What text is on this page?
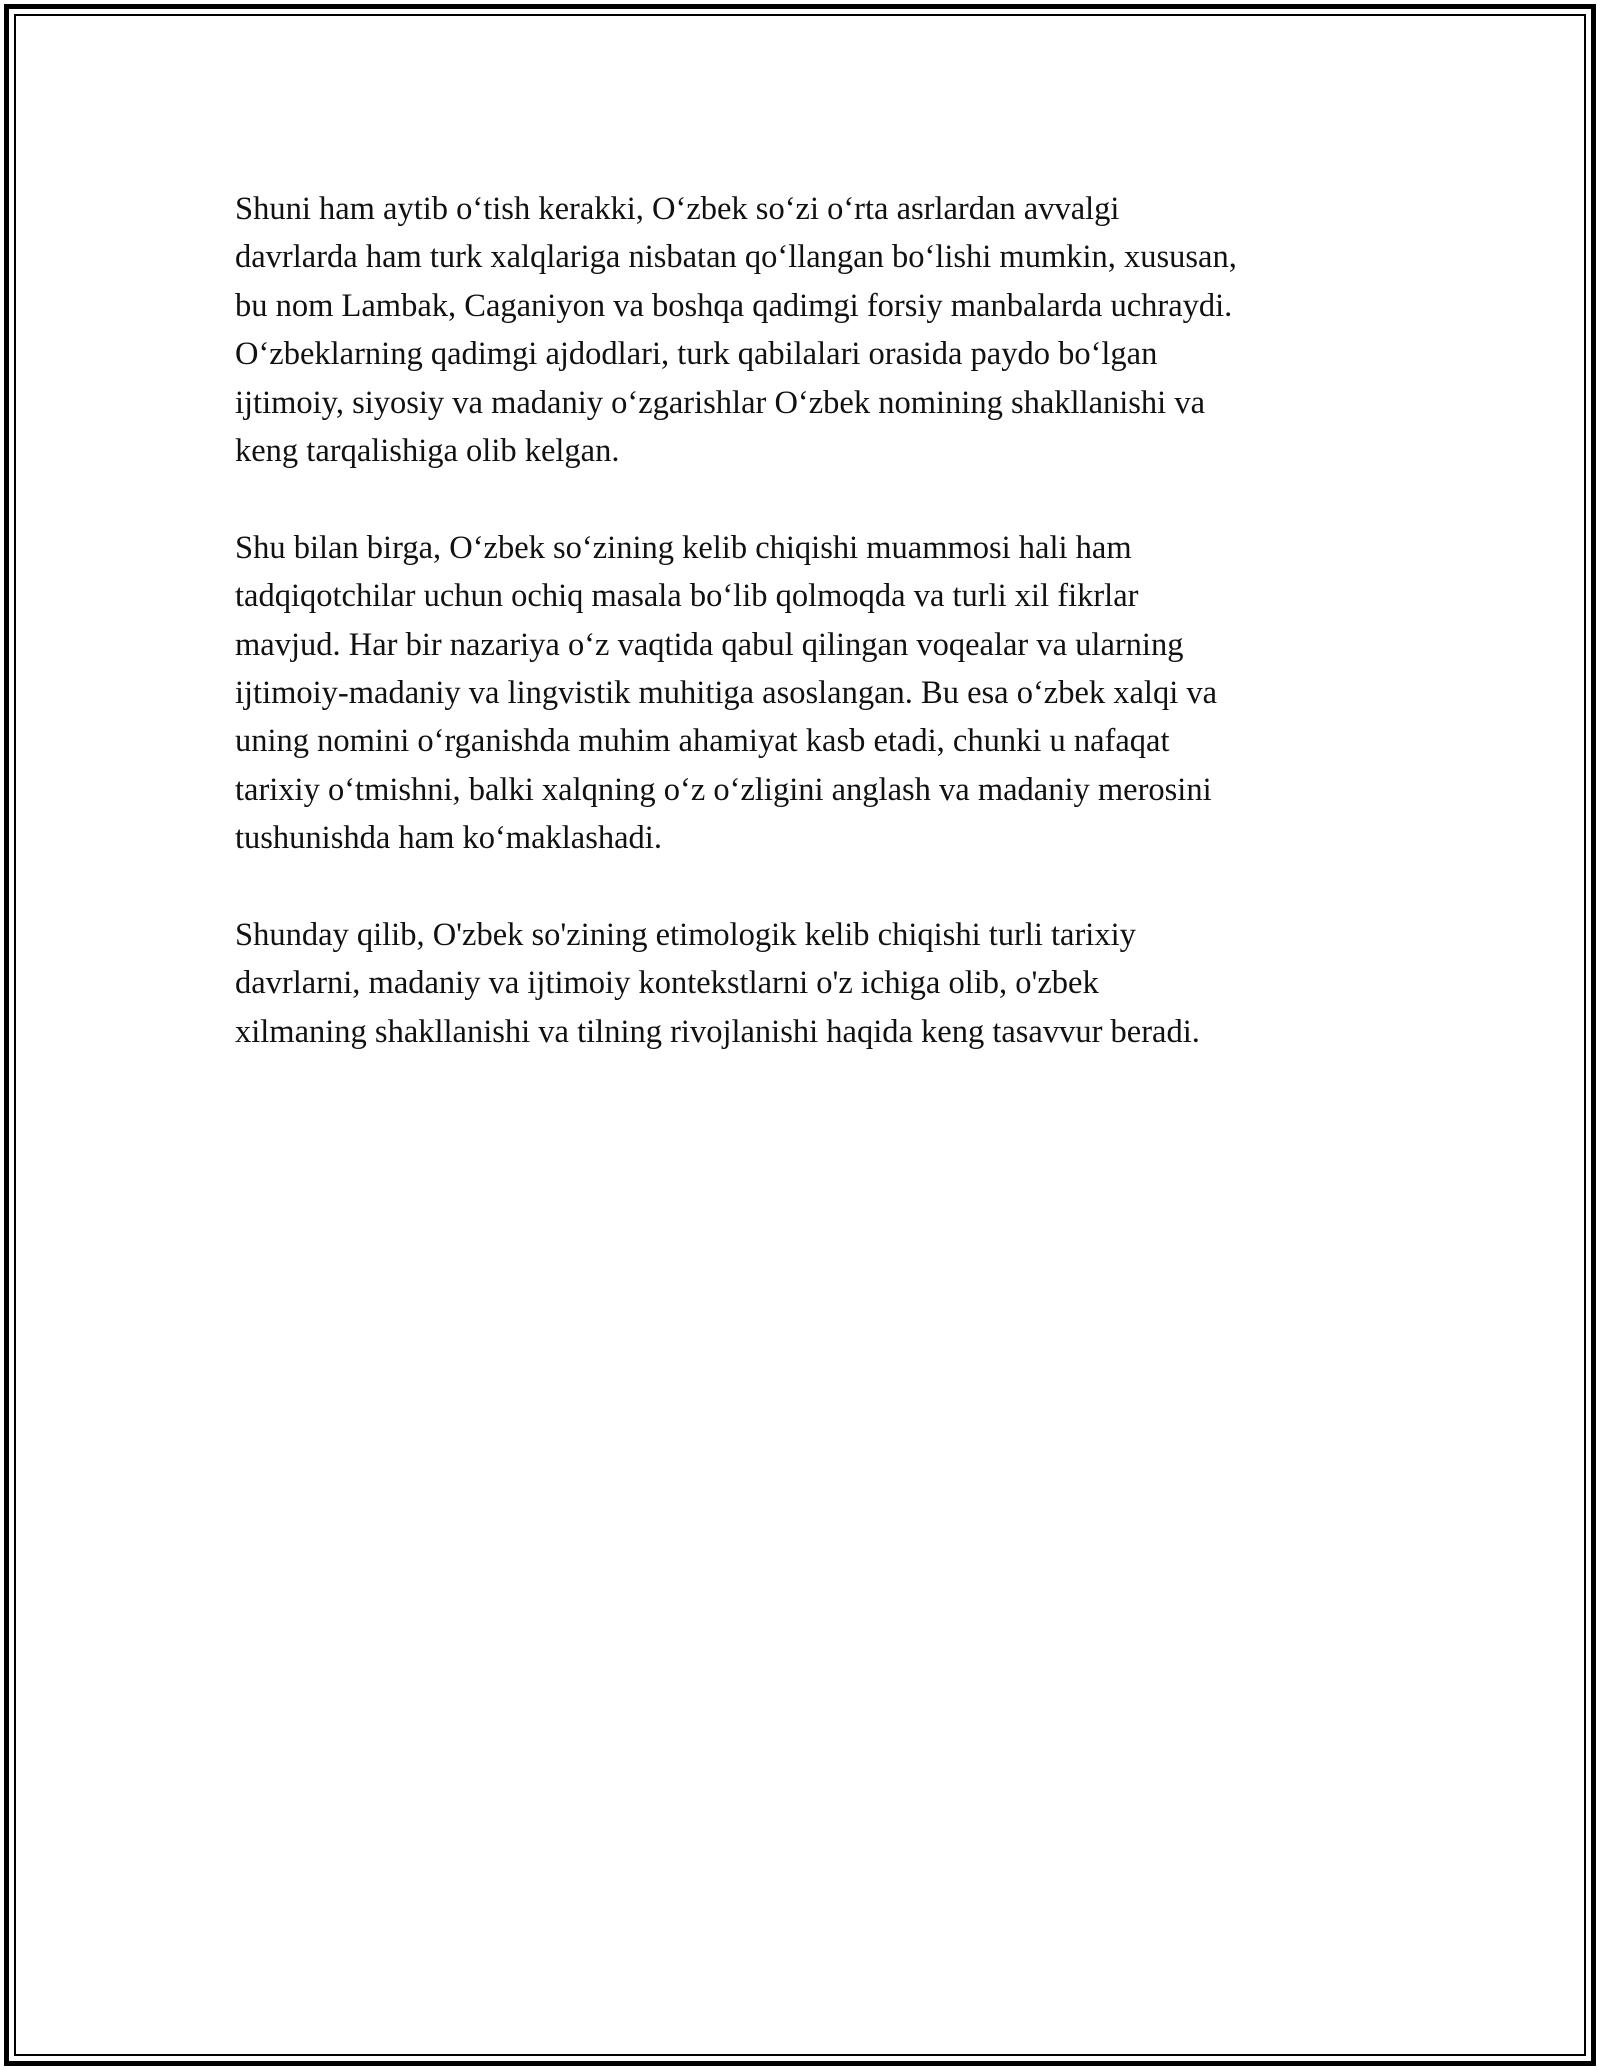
Shuni ham aytib o‘tish kerakki, O‘zbek so‘zi o‘rta asrlardan avvalgi
davrlarda ham turk xalqlariga nisbatan qo‘llangan bo‘lishi mumkin, xususan,
bu nom Lambak, Caganiyon va boshqa qadimgi forsiy manbalarda uchraydi.
O‘zbeklarning qadimgi ajdodlari, turk qabilalari orasida paydo bo‘lgan
ijtimoiy, siyosiy va madaniy o‘zgarishlar O‘zbek nomining shakllanishi va
keng tarqalishiga olib kelgan.

Shu bilan birga, O‘zbek so‘zining kelib chiqishi muammosi hali ham
tadqiqotchilar uchun ochiq masala bo‘lib qolmoqda va turli xil fikrlar
mavjud. Har bir nazariya o‘z vaqtida qabul qilingan voqealar va ularning
ijtimoiy-madaniy va lingvistik muhitiga asoslangan. Bu esa o‘zbek xalqi va
uning nomini o‘rganishda muhim ahamiyat kasb etadi, chunki u nafaqat
tarixiy o‘tmishni, balki xalqning o‘z o‘zligini anglash va madaniy merosini
tushunishda ham ko‘maklashadi.

Shunday qilib, O'zbek so'zining etimologik kelib chiqishi turli tarixiy
davrlarni, madaniy va ijtimoiy kontekstlarni o'z ichiga olib, o'zbek
xilmaning shakllanishi va tilning rivojlanishi haqida keng tasavvur beradi.
